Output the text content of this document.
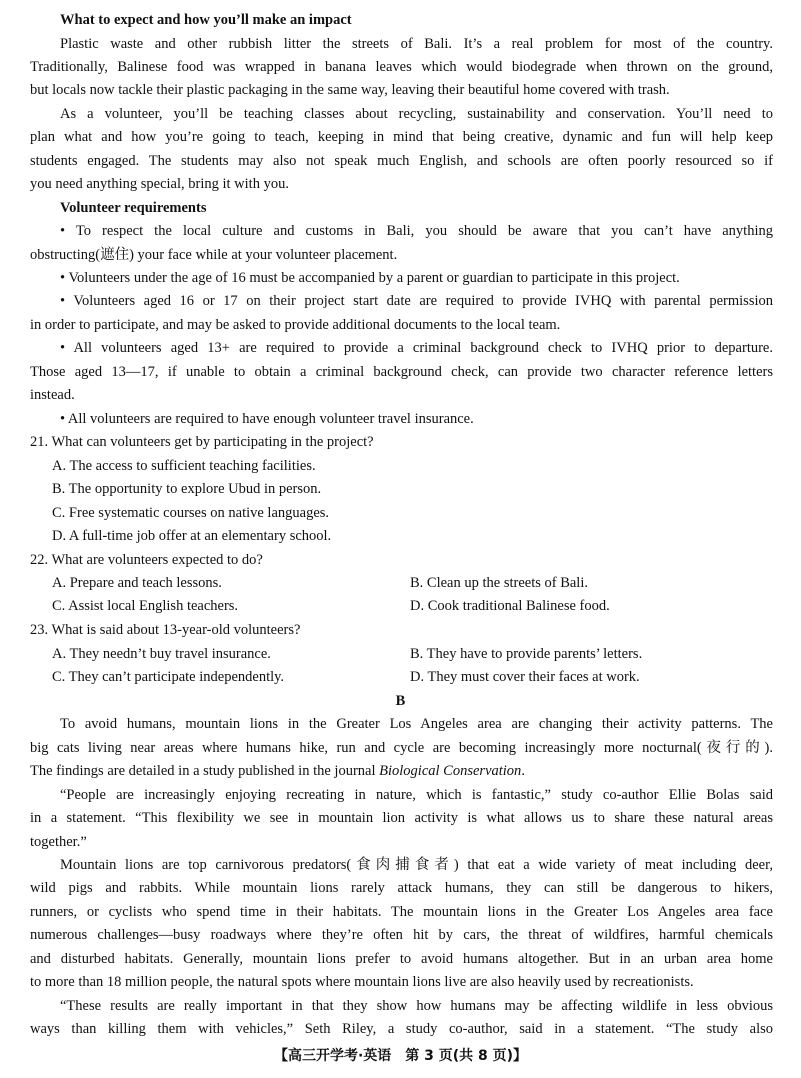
What to expect and how you’ll make an impact
Plastic waste and other rubbish litter the streets of Bali. It’s a real problem for most of the country.
Traditionally, Balinese food was wrapped in banana leaves which would biodegrade when thrown on the ground,
but locals now tackle their plastic packaging in the same way, leaving their beautiful home covered with trash.
As a volunteer, you’ll be teaching classes about recycling, sustainability and conservation. You’ll need to
plan what and how you’re going to teach, keeping in mind that being creative, dynamic and fun will help keep
students engaged. The students may also not speak much English, and schools are often poorly resourced so if
you need anything special, bring it with you.
Volunteer requirements
• To respect the local culture and customs in Bali, you should be aware that you can’t have anything
obstructing(遮住) your face while at your volunteer placement.
• Volunteers under the age of 16 must be accompanied by a parent or guardian to participate in this project.
• Volunteers aged 16 or 17 on their project start date are required to provide IVHQ with parental permission
in order to participate, and may be asked to provide additional documents to the local team.
• All volunteers aged 13+ are required to provide a criminal background check to IVHQ prior to departure.
Those aged 13—17, if unable to obtain a criminal background check, can provide two character reference letters
instead.
• All volunteers are required to have enough volunteer travel insurance.
21. What can volunteers get by participating in the project?
A. The access to sufficient teaching facilities.
B. The opportunity to explore Ubud in person.
C. Free systematic courses on native languages.
D. A full-time job offer at an elementary school.
22. What are volunteers expected to do?
A. Prepare and teach lessons.	B. Clean up the streets of Bali.
C. Assist local English teachers.	D. Cook traditional Balinese food.
23. What is said about 13-year-old volunteers?
A. They needn’t buy travel insurance.	B. They have to provide parents’ letters.
C. They can’t participate independently.	D. They must cover their faces at work.
B
To avoid humans, mountain lions in the Greater Los Angeles area are changing their activity patterns. The
big cats living near areas where humans hike, run and cycle are becoming increasingly more nocturnal(夜行的).
The findings are detailed in a study published in the journal Biological Conservation.
“People are increasingly enjoying recreating in nature, which is fantastic,” study co-author Ellie Bolas said
in a statement. “This flexibility we see in mountain lion activity is what allows us to share these natural areas
together.”
Mountain lions are top carnivorous predators(食肉捕食者) that eat a wide variety of meat including deer,
wild pigs and rabbits. While mountain lions rarely attack humans, they can still be dangerous to hikers,
runners, or cyclists who spend time in their habitats. The mountain lions in the Greater Los Angeles area face
numerous challenges—busy roadways where they’re often hit by cars, the threat of wildfires, harmful chemicals
and disturbed habitats. Generally, mountain lions prefer to avoid humans altogether. But in an urban area home
to more than 18 million people, the natural spots where mountain lions live are also heavily used by recreationists.
“These results are really important in that they show how humans may be affecting wildlife in less obvious
ways than killing them with vehicles,” Seth Riley, a study co-author, said in a statement. “The study also
【高三开学考·英语　第 3 页(共 8 页)】
